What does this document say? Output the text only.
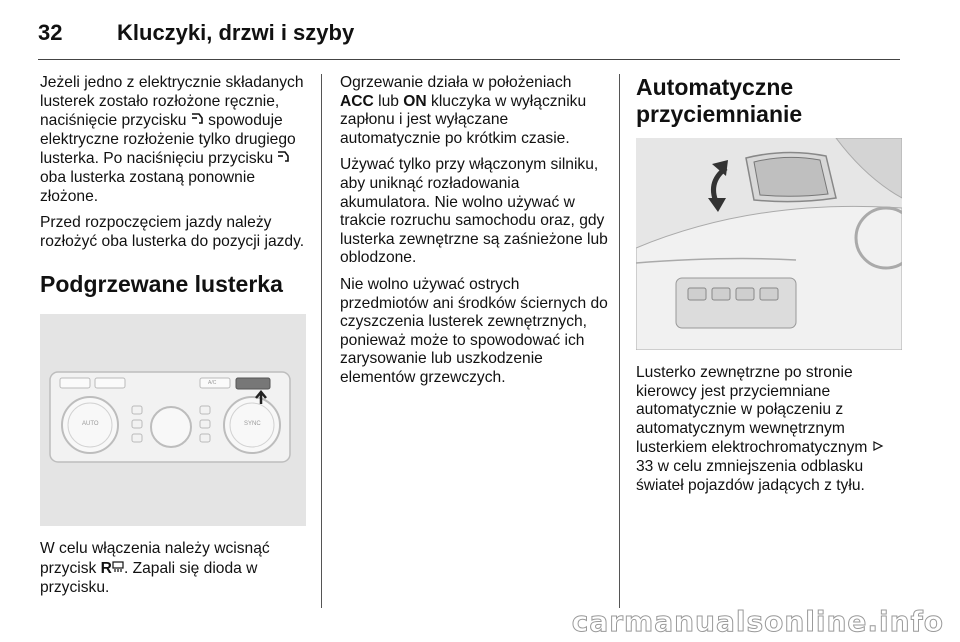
32 Kluczyki, drzwi i szyby

Jeżeli jedno z elektrycznie składanych lusterek zostało rozłożone ręcznie, naciśnięcie przycisku spowoduje elektryczne rozłożenie tylko drugiego lusterka. Po naciśnięciu przycisku  oba lusterka zostaną ponownie złożone.

Przed rozpoczęciem jazdy należy rozłożyć oba lusterka do pozycji jazdy.

Podgrzewane lusterka
AUTO	SYNC
A/C

W celu włączenia należy wcisnąć przycisk R . Zapali się dioda w przycisku.

Ogrzewanie działa w położeniach ACC lub ON kluczyka w wyłączniku zapłonu i jest wyłączane automatycznie po krótkim czasie.

Używać tylko przy włączonym silniku, aby uniknąć rozładowania akumulatora. Nie wolno używać w trakcie rozruchu samochodu oraz, gdy lusterka zewnętrzne są zaśnieżone lub oblodzone.

Nie wolno używać ostrych przedmiotów ani środków ściernych do czyszczenia lusterek zewnętrznych, ponieważ może to spowodować ich zarysowanie lub uszkodzenie elementów grzewczych.

Automatyczne przyciemnianie

Lusterko zewnętrzne po stronie kierowcy jest przyciemniane automatycznie w połączeniu z automatycznym wewnętrznym lusterkiem elektrochromatycznym  33 w celu zmniejszenia odblasku świateł pojazdów jadących z tyłu.

carmanualsonline.info
